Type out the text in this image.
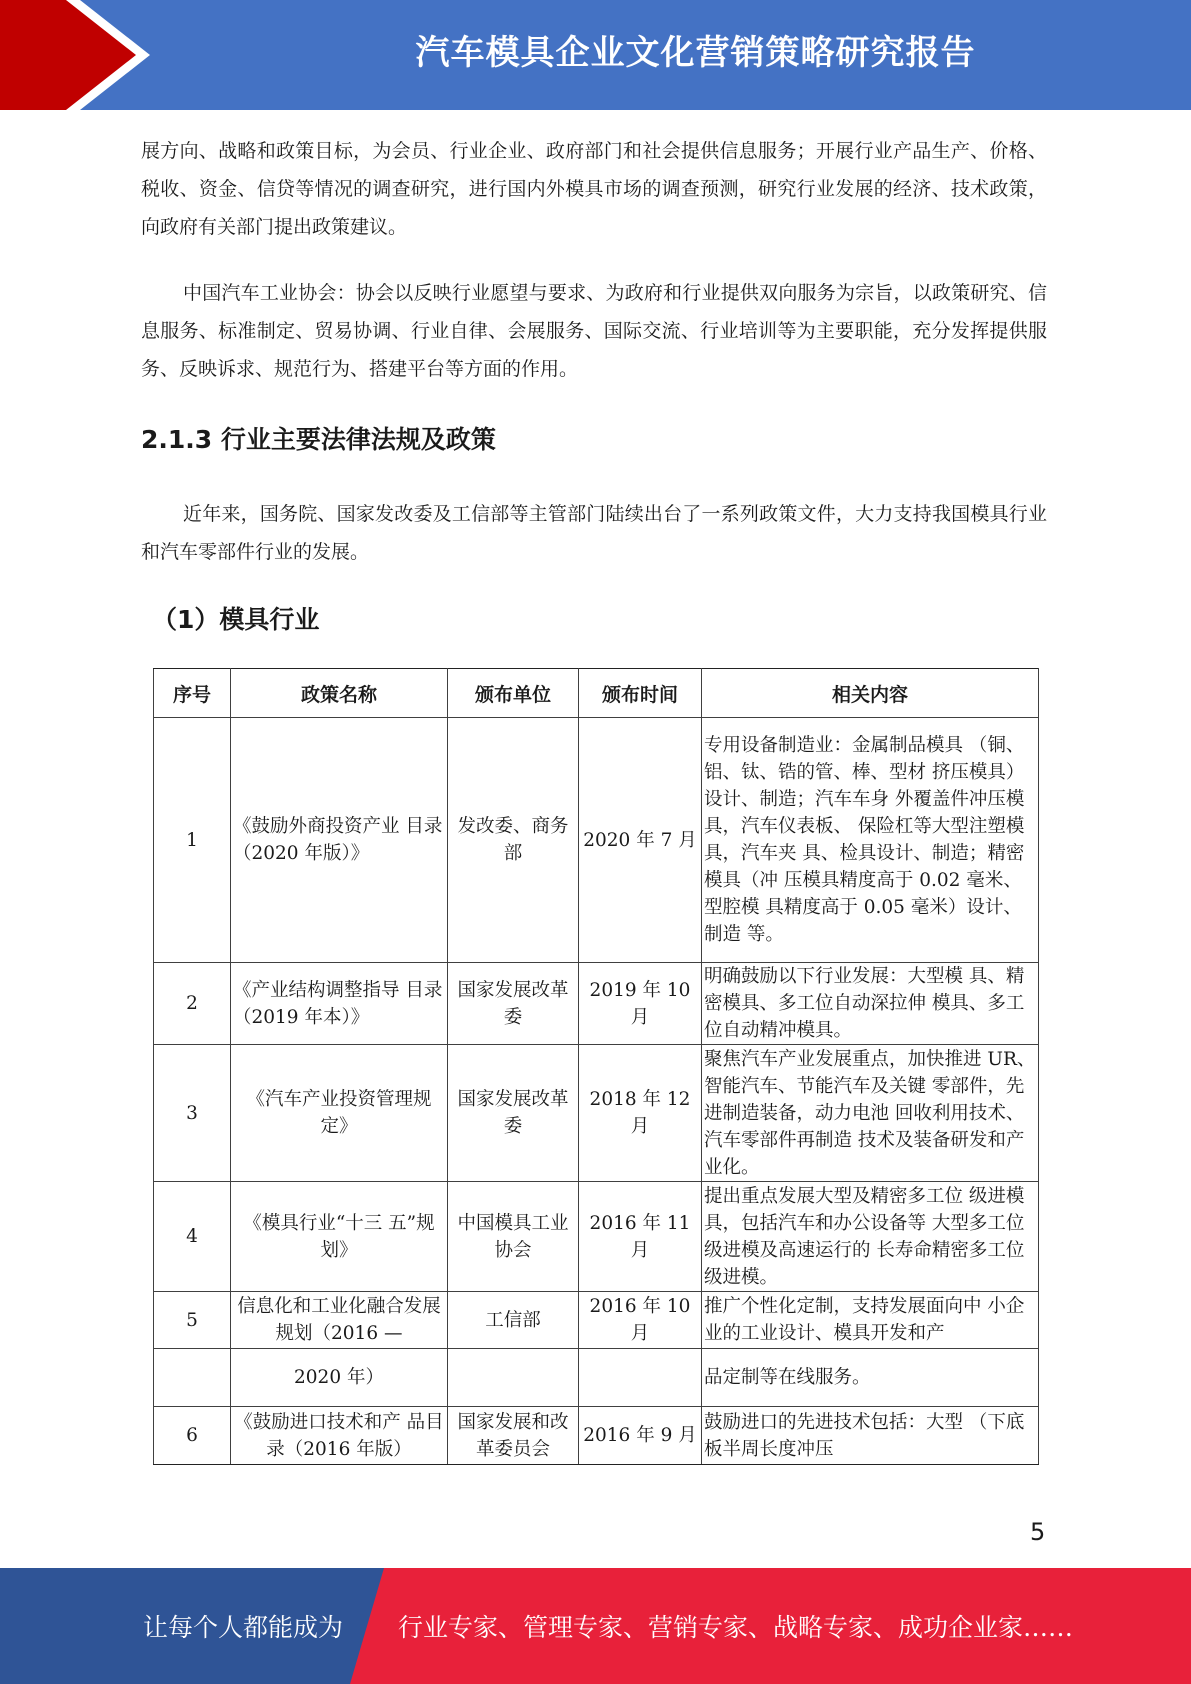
汽车模具企业文化营销策略研究报告

展方向、战略和政策目标，为会员、行业企业、政府部门和社会提供信息服务；开展行业产品生产、价格、税收、资金、信贷等情况的调查研究，进行国内外模具市场的调查预测，研究行业发展的经济、技术政策，向政府有关部门提出政策建议。

中国汽车工业协会：协会以反映行业愿望与要求、为政府和行业提供双向服务为宗旨，以政策研究、信息服务、标准制定、贸易协调、行业自律、会展服务、国际交流、行业培训等为主要职能，充分发挥提供服务、反映诉求、规范行为、搭建平台等方面的作用。

2.1.3 行业主要法律法规及政策

近年来，国务院、国家发改委及工信部等主管部门陆续出台了一系列政策文件，大力支持我国模具行业和汽车零部件行业的发展。

（1）模具行业
序号	政策名称	颁布单位	颁布时间	相关内容
1	《鼓励外商投资产业 目录（2020 年版）》	发改委、商务部	2020 年 7 月	专用设备制造业：金属制品模具 （铜、铝、钛、锆的管、棒、型材 挤压模具）设计、制造；汽车车身 外覆盖件冲压模具，汽车仪表板、 保险杠等大型注塑模具，汽车夹 具、检具设计、制造；精密模具（冲 压模具精度高于 0.02 毫米、型腔模 具精度高于 0.05 毫米）设计、制造 等。
2	《产业结构调整指导 目录（2019 年本）》	国家发展改革委	2019 年 10 月	明确鼓励以下行业发展：大型模 具、精密模具、多工位自动深拉伸 模具、多工位自动精冲模具。
3	《汽车产业投资管理规定》	国家发展改革委	2018 年 12 月	聚焦汽车产业发展重点，加快推进 UR、智能汽车、节能汽车及关键 零部件，先进制造装备，动力电池 回收利用技术、汽车零部件再制造 技术及装备研发和产业化。
4	《模具行业“十三 五”规划》	中国模具工业协会	2016 年 11 月	提出重点发展大型及精密多工位 级进模具，包括汽车和办公设备等 大型多工位级进模及高速运行的 长寿命精密多工位级进模。
5	信息化和工业化融合发展规划（2016 —	工信部	2016 年 10 月	推广个性化定制，支持发展面向中 小企业的工业设计、模具开发和产
	2020 年）			品定制等在线服务。
6	《鼓励进口技术和产 品目录（2016 年版）	国家发展和改革委员会	2016 年 9 月	鼓励进口的先进技术包括：大型 （下底板半周长度冲压
5
让每个人都能成为 行业专家、管理专家、营销专家、战略专家、成功企业家……
